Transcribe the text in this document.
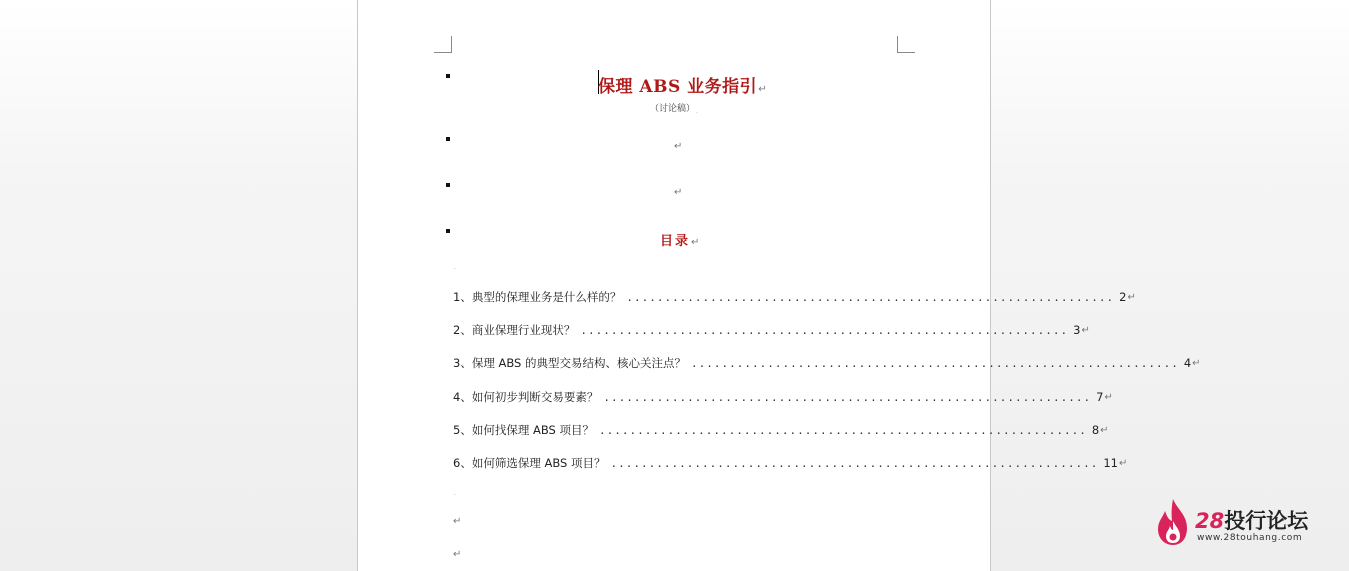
保理 ABS 业务指引↵
（讨论稿）$_.$
↵
↵
目录↵
.
1、典型的保理业务是什么样的？ ................................................................ 2 ↵
2、商业保理行业现状？ ................................................................ 3 ↵
3、保理 ABS 的典型交易结构、核心关注点？ ................................................................ 4 ↵
4、如何初步判断交易要素？ ................................................................ 7 ↵
5、如何找保理 ABS 项目？ ................................................................ 8 ↵
6、如何筛选保理 ABS 项目？ ................................................................ 11 ↵
.
↵
↵
28投行论坛
www.28touhang.com
